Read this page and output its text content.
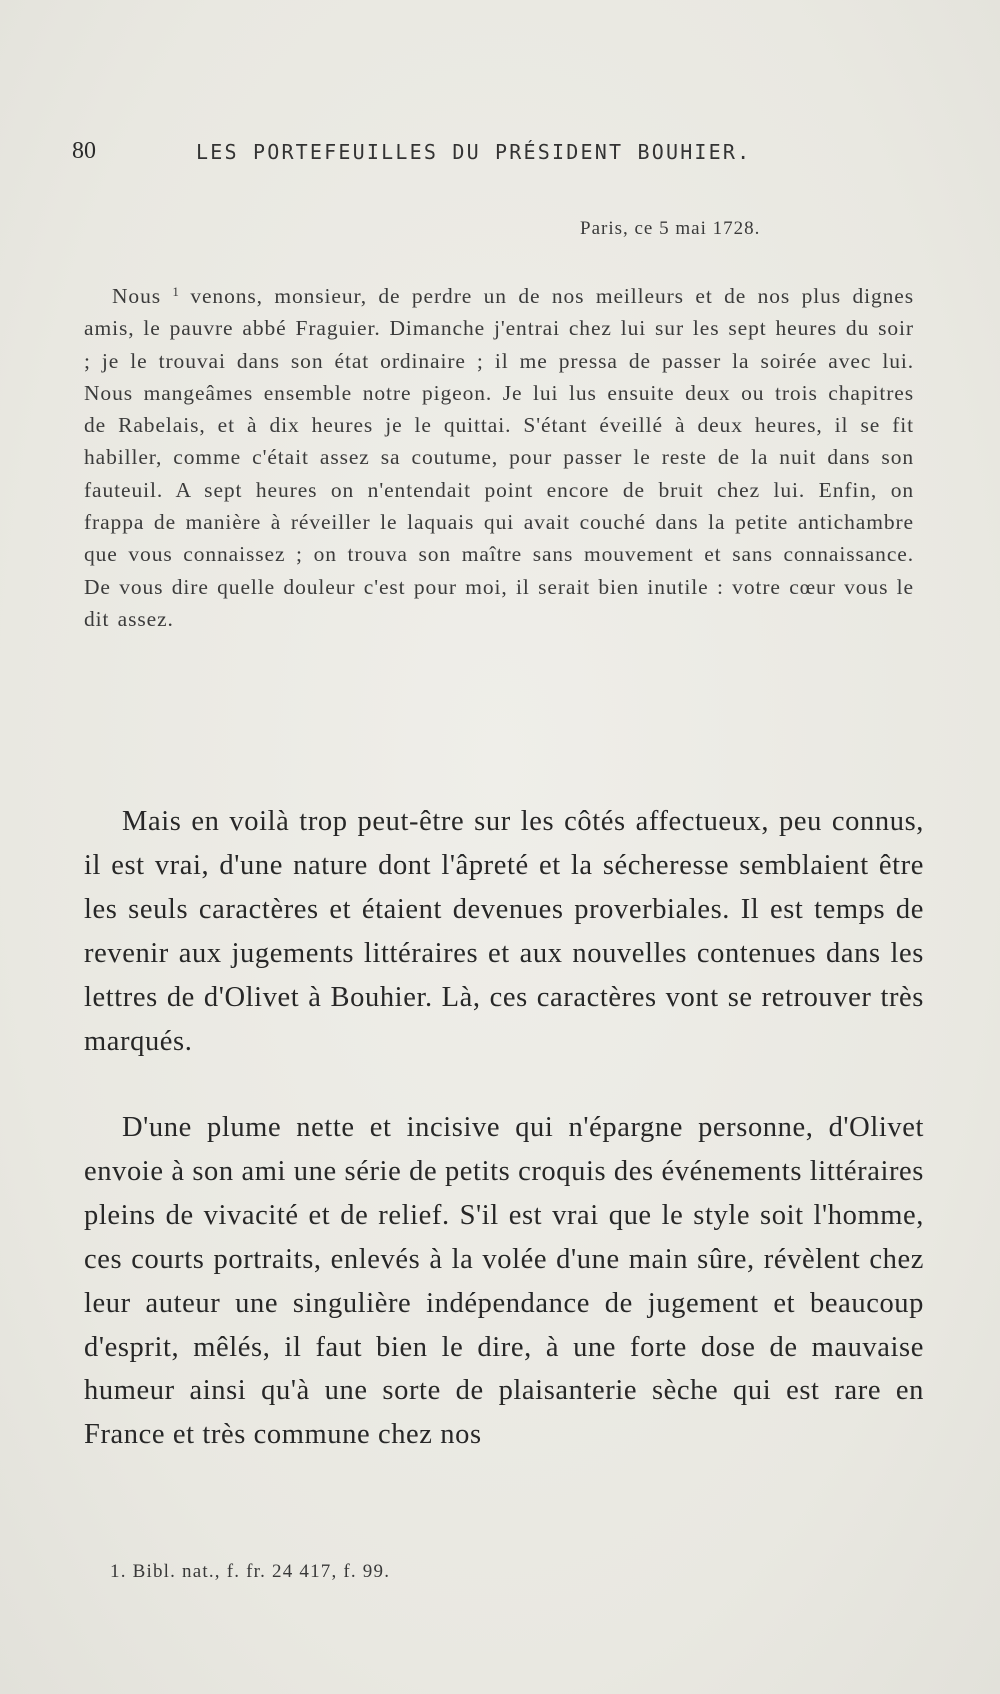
80	LES PORTEFEUILLES DU PRÉSIDENT BOUHIER.
Paris, ce 5 mai 1728.

Nous $^1$ venons, monsieur, de perdre un de nos meilleurs et de nos plus dignes amis, le pauvre abbé Fraguier. Dimanche j'entrai chez lui sur les sept heures du soir ; je le trouvai dans son état ordinaire ; il me pressa de passer la soirée avec lui. Nous mangeâmes ensemble notre pigeon. Je lui lus ensuite deux ou trois chapitres de Rabelais, et à dix heures je le quittai. S'étant éveillé à deux heures, il se fit habiller, comme c'était assez sa coutume, pour passer le reste de la nuit dans son fauteuil. A sept heures on n'entendait point encore de bruit chez lui. Enfin, on frappa de manière à réveiller le laquais qui avait couché dans la petite antichambre que vous connaissez ; on trouva son maître sans mouvement et sans connaissance. De vous dire quelle douleur c'est pour moi, il serait bien inutile : votre cœur vous le dit assez.

Mais en voilà trop peut-être sur les côtés affectueux, peu connus, il est vrai, d'une nature dont l'âpreté et la sécheresse semblaient être les seuls caractères et étaient devenues proverbiales. Il est temps de revenir aux jugements littéraires et aux nouvelles contenues dans les lettres de d'Olivet à Bouhier. Là, ces caractères vont se retrouver très marqués.

D'une plume nette et incisive qui n'épargne personne, d'Olivet envoie à son ami une série de petits croquis des événements littéraires pleins de vivacité et de relief. S'il est vrai que le style soit l'homme, ces courts portraits, enlevés à la volée d'une main sûre, révèlent chez leur auteur une singulière indépendance de jugement et beaucoup d'esprit, mêlés, il faut bien le dire, à une forte dose de mauvaise humeur ainsi qu'à une sorte de plaisanterie sèche qui est rare en France et très commune chez nos

1. Bibl. nat., f. fr. 24 417, f. 99.
